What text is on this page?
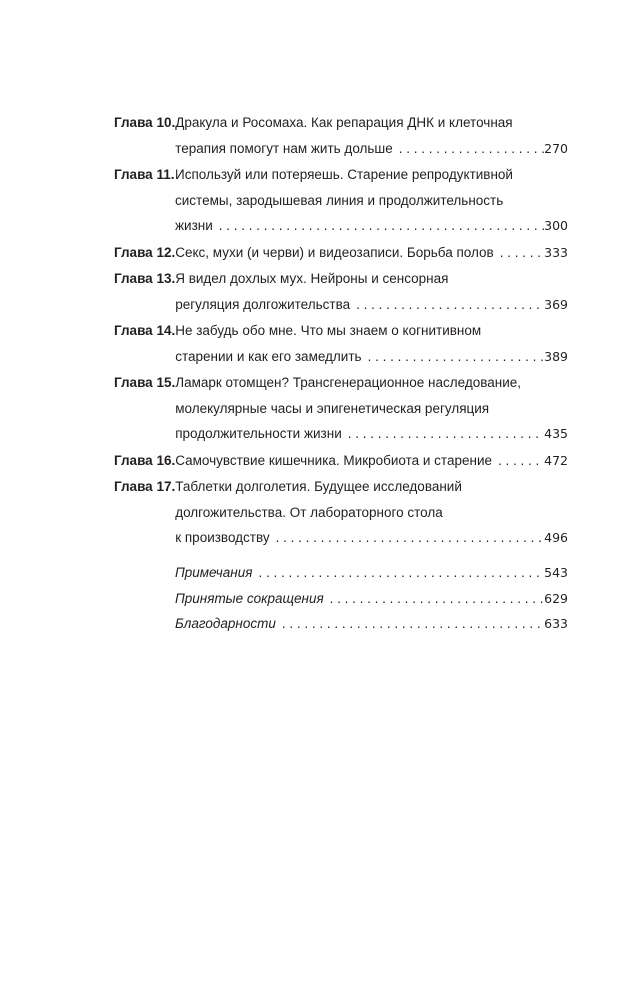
Глава 10. Дракула и Росомаха. Как репарация ДНК и клеточная
терапия помогут нам жить дольше . . .	270
Глава 11. Используй или потеряешь. Старение репродуктивной
системы, зародышевая линия и продолжительность
жизни . . .	300
Глава 12. Секс, мухи (и черви) и видеозаписи. Борьба полов . . .	333
Глава 13. Я видел дохлых мух. Нейроны и сенсорная
регуляция долгожительства . . .	369
Глава 14. Не забудь обо мне. Что мы знаем о когнитивном
старении и как его замедлить . . .	389
Глава 15. Ламарк отомщен? Трансгенерационное наследование,
молекулярные часы и эпигенетическая регуляция
продолжительности жизни . . .	435
Глава 16. Самочувствие кишечника. Микробиота и старение . . .	472
Глава 17. Таблетки долголетия. Будущее исследований
долгожительства. От лабораторного стола
к производству . . .	496
Примечания . . .	543
Принятые сокращения . . .	629
Благодарности . . .	633
